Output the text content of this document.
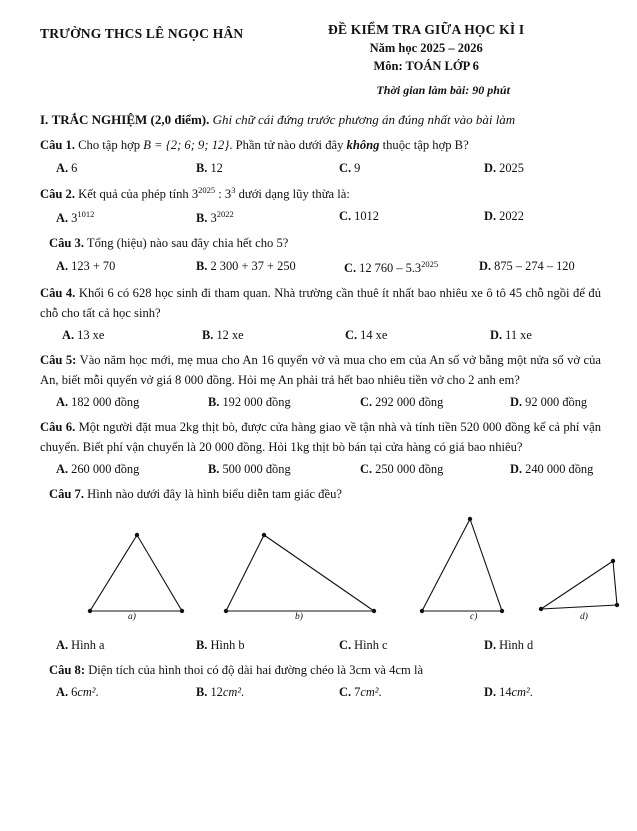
TRƯỜNG THCS LÊ NGỌC HÂN	ĐỀ KIỂM TRA GIỮA HỌC KÌ I
Năm học 2025 – 2026
Môn: TOÁN LỚP 6
Thời gian làm bài: 90 phút
I. TRẮC NGHIỆM (2,0 điểm). Ghi chữ cái đứng trước phương án đúng nhất vào bài làm
Câu 1. Cho tập hợp B = {2; 6; 9; 12}. Phần tử nào dưới đây không thuộc tập hợp B?
A. 6	B. 12	C. 9	D. 2025
Câu 2. Kết quả của phép tính $3^{2025}$ : $3^3$ dưới dạng lũy thừa là:
A. $3^{1012}$	B. $3^{2022}$	C. 1012	D. 2022
Câu 3. Tổng (hiệu) nào sau đây chia hết cho 5?
A. 123 + 70	B. 2 300 + 37 + 250	C. 12 $760 - 5.3^{2025}$	D. 875 – 274 – 120
Câu 4. Khối 6 có 628 học sinh đi tham quan. Nhà trường cần thuê ít nhất bao nhiêu xe ô tô 45 chỗ ngồi để đủ chỗ cho tất cả học sinh?
A. 13 xe	B. 12 xe	C. 14 xe	D. 11 xe
Câu 5: Vào năm học mới, mẹ mua cho An 16 quyển vở và mua cho em của An số vở bằng một nửa số vở của An, biết mỗi quyển vở giá 8 000 đồng. Hỏi mẹ An phải trả hết bao nhiêu tiền vở cho 2 anh em?
A. 182 000 đồng	B. 192 000 đồng	C. 292 000 đồng	D. 92 000 đồng
Câu 6. Một người đặt mua 2kg thịt bò, được cửa hàng giao về tận nhà và tính tiền 520 000 đồng kể cả phí vận chuyển. Biết phí vận chuyển là 20 000 đồng. Hỏi 1kg thịt bò bán tại cửa hàng có giá bao nhiêu?
A. 260 000 đồng	B. 500 000 đồng	C. 250 000 đồng	D. 240 000 đồng
Câu 7. Hình nào dưới đây là hình biểu diễn tam giác đều?
a)	b)	c)	d)
A. Hình a	B. Hình b	C. Hình c	D. Hình d
Câu 8: Diện tích của hình thoi có độ dài hai đường chéo là 3cm và 4cm là
A. 6cm².	B. 12cm².	C. 7cm².	D. 14cm².
